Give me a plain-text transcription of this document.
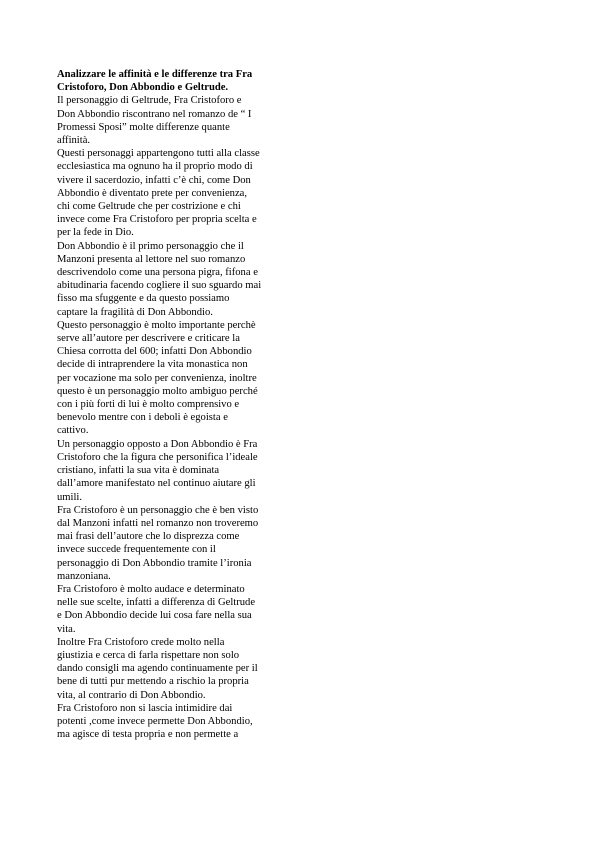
Analizzare le affinità e le differenze tra Fra
Cristoforo, Don Abbondio e Geltrude.

Il personaggio di Geltrude, Fra Cristoforo e

Don Abbondio riscontrano nel romanzo de “ I

Promessi Sposi” molte differenze quante

affinità.

Questi personaggi appartengono tutti alla classe

ecclesiastica ma ognuno ha il proprio modo di

vivere il sacerdozio, infatti c’è chi, come Don

Abbondio è diventato prete per convenienza,

chi come Geltrude che per costrizione e chi

invece come Fra Cristoforo per propria scelta e

per la fede in Dio.

Don Abbondio è il primo personaggio che il

Manzoni presenta al lettore nel suo romanzo

descrivendolo come una persona pigra, fifona e

abitudinaria facendo cogliere il suo sguardo mai

fisso ma sfuggente e da questo possiamo

captare la fragilità di Don Abbondio.

Questo personaggio è molto importante perchè

serve all’autore per descrivere e criticare la

Chiesa corrotta del 600; infatti Don Abbondio

decide di intraprendere la vita monastica non

per vocazione ma solo per convenienza, inoltre

questo è un personaggio molto ambiguo perché

con i più forti di lui è molto comprensivo e

benevolo mentre con i deboli è egoista e

cattivo.

Un personaggio opposto a Don Abbondio è Fra

Cristoforo che la figura che personifica l’ideale

cristiano, infatti la sua vita è dominata

dall’amore manifestato nel continuo aiutare gli

umili.

Fra Cristoforo è un personaggio che è ben visto

dal Manzoni infatti nel romanzo non troveremo

mai frasi dell’autore che lo disprezza come

invece succede frequentemente con il

personaggio di Don Abbondio tramite l’ironia

manzoniana.

Fra Cristoforo è molto audace e determinato

nelle sue scelte, infatti a differenza di Geltrude

e Don Abbondio decide lui cosa fare nella sua

vita.

Inoltre Fra Cristoforo crede molto nella

giustizia e cerca di farla rispettare non solo

dando consigli ma agendo continuamente per il

bene di tutti pur mettendo a rischio la propria

vita, al contrario di Don Abbondio.

Fra Cristoforo non si lascia intimidire dai

potenti ,come invece permette Don Abbondio,

ma agisce di testa propria e non permette a
